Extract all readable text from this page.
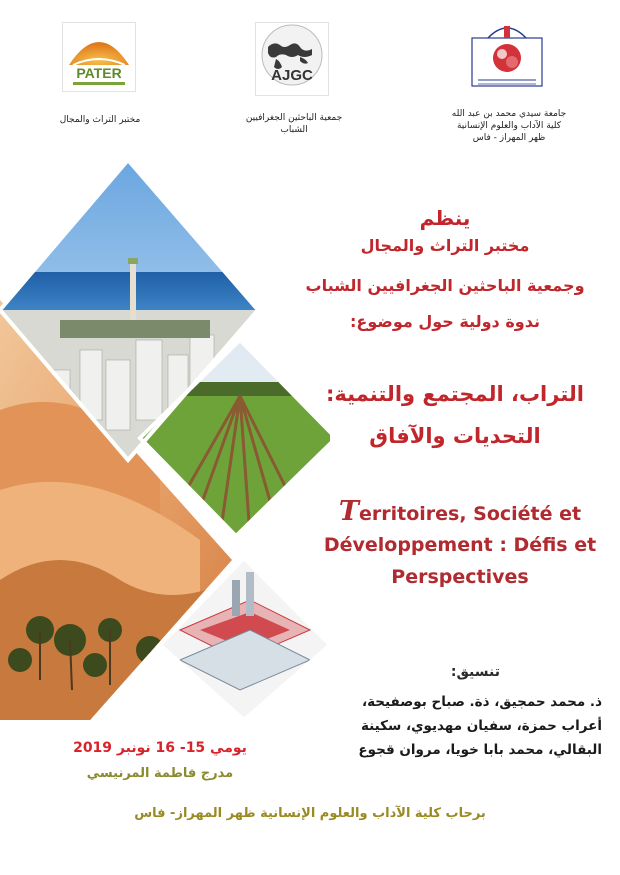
PATER
مختبر التراث والمجال
AJGC
جمعية الباحثين الجغرافيين
الشباب
جامعة سيدي محمد بن عبد الله
كلية الآداب والعلوم الإنسانية
ظهر المهراز - فاس
ينظم
مختبر التراث والمجال
وجمعية الباحثين الجغرافيين الشباب
ندوة دولية حول موضوع:
التراب، المجتمع والتنمية:
التحديات والآفاق
Territoires, Société et
Développement : Défis et
Perspectives
تنسيق:
ذ. محمد حمجيق، ذة. صباح بوصفيحة،
أعراب حمزة، سفيان مهديوي، سكينة
البقالي، محمد بابا خويا، مروان قجوع
يومي 15- 16 نونبر 2019
مدرج فاطمة المرنيسي
برحاب كلية الآداب والعلوم الإنسانية ظهر المهراز- فاس
